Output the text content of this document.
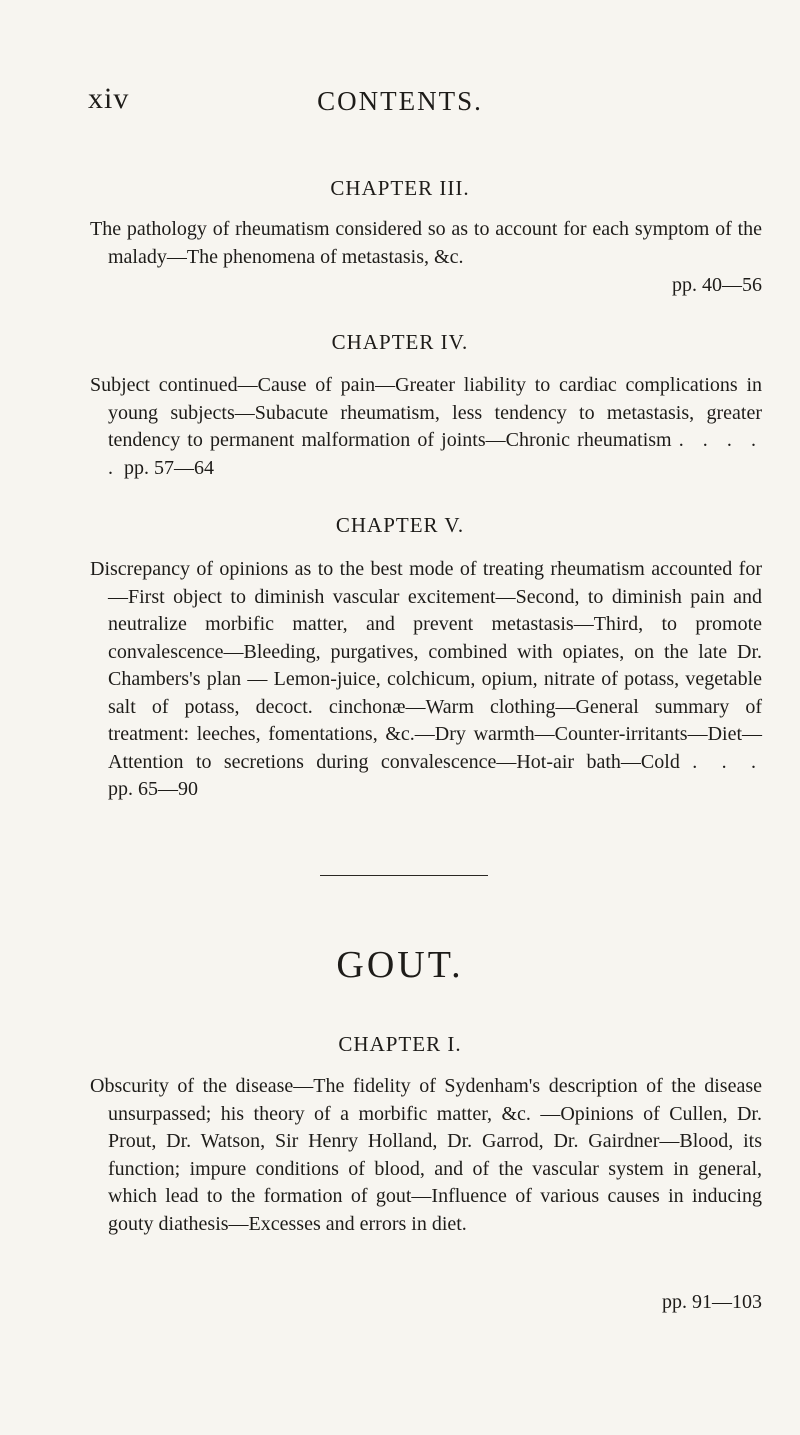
xiv	CONTENTS.
CHAPTER III.

The pathology of rheumatism considered so as to account for each symptom of the malady—The phenomena of metastasis, &c.

pp. 40—56
CHAPTER IV.

Subject continued—Cause of pain—Greater liability to cardiac complications in young subjects—Subacute rheumatism, less tendency to metastasis, greater tendency to permanent malformation of joints—Chronic rheumatism . . . . . pp. 57—64

CHAPTER V.

Discrepancy of opinions as to the best mode of treating rheumatism accounted for—First object to diminish vascular excitement—Second, to diminish pain and neutralize morbific matter, and prevent metastasis—Third, to promote convalescence—Bleeding, purgatives, combined with opiates, on the late Dr. Chambers's plan — Lemon-juice, colchicum, opium, nitrate of potass, vegetable salt of potass, decoct. cinchonæ—Warm clothing—General summary of treatment: leeches, fomentations, &c.—Dry warmth—Counter-irritants—Diet—Attention to secretions during convalescence—Hot-air bath—Cold . . . pp. 65—90

GOUT.
CHAPTER I.

Obscurity of the disease—The fidelity of Sydenham's description of the disease unsurpassed; his theory of a morbific matter, &c. —Opinions of Cullen, Dr. Prout, Dr. Watson, Sir Henry Holland, Dr. Garrod, Dr. Gairdner—Blood, its function; impure conditions of blood, and of the vascular system in general, which lead to the formation of gout—Influence of various causes in inducing gouty diathesis—Excesses and errors in diet.

pp. 91—103
